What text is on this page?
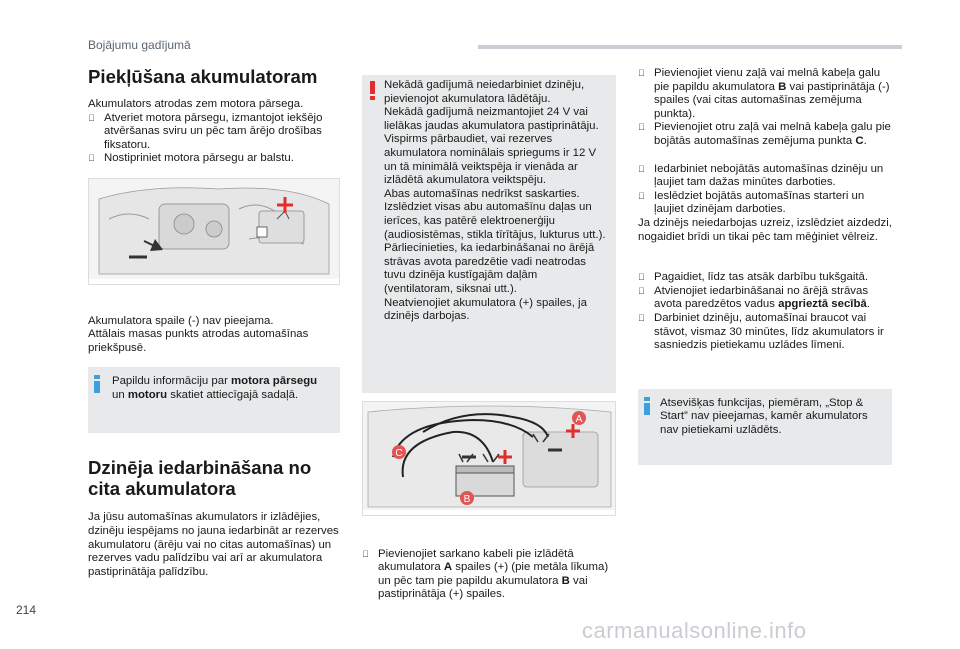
Bojājumu gadījumā
214
carmanualsonline.info
Piekļūšana akumulatoram

Akumulators atrodas zem motora pārsega.

Atveriet motora pārsegu, izmantojot iekšējo atvēršanas sviru un pēc tam ārējo drošības fiksatoru.

Nostipriniet motora pārsegu ar balstu.

Akumulatora spaile (-) nav pieejama.

Attālais masas punkts atrodas automašīnas priekšpusē.

Papildu informāciju par motora pārsegu un motoru skatiet attiecīgajā sadaļā.
Dzinēja iedarbināšana no cita akumulatora

Ja jūsu automašīnas akumulators ir izlādējies, dzinēju iespējams no jauna iedarbināt ar rezerves akumulatoru (ārēju vai no citas automašīnas) un rezerves vadu palīdzību vai arī ar akumulatora pastiprinātāja palīdzību.

Nekādā gadījumā neiedarbiniet dzinēju, pievienojot akumulatora lādētāju.

Nekādā gadījumā neizmantojiet 24 V vai lielākas jaudas akumulatora pastiprinātāju.

Vispirms pārbaudiet, vai rezerves akumulatora nominālais spriegums ir 12 V un tā minimālā veiktspēja ir vienāda ar izlādētā akumulatora veiktspēju.

Abas automašīnas nedrīkst saskarties.

Izslēdziet visas abu automašīnu daļas un ierīces, kas patērē elektroenerģiju (audiosistēmas, stikla tīrītājus, lukturus utt.).

Pārliecinieties, ka iedarbināšanai no ārējā strāvas avota paredzētie vadi neatrodas tuvu dzinēja kustīgajām daļām (ventilatoram, siksnai utt.).

Neatvienojiet akumulatora (+) spailes, ja dzinējs darbojas.

A
B
C

Pievienojiet sarkano kabeli pie izlādētā akumulatora A spailes (+) (pie metāla līkuma) un pēc tam pie papildu akumulatora B vai pastiprinātāja (+) spailes.

Pievienojiet vienu zaļā vai melnā kabeļa galu pie papildu akumulatora B vai pastiprinātāja (-) spailes (vai citas automašīnas zemējuma punkta).

Pievienojiet otru zaļā vai melnā kabeļa galu pie bojātās automašīnas zemējuma punkta C.

Iedarbiniet nebojātās automašīnas dzinēju un ļaujiet tam dažas minūtes darboties.

Ieslēdziet bojātās automašīnas starteri un ļaujiet dzinējam darboties.

Ja dzinējs neiedarbojas uzreiz, izslēdziet aizdedzi, nogaidiet brīdi un tikai pēc tam mēģiniet vēlreiz.

Pagaidiet, līdz tas atsāk darbību tukšgaitā.

Atvienojiet iedarbināšanai no ārējā strāvas avota paredzētos vadus apgrieztā secībā.

Darbiniet dzinēju, automašīnai braucot vai stāvot, vismaz 30 minūtes, līdz akumulators ir sasniedzis pietiekamu uzlādes līmeni.

Atsevišķas funkcijas, piemēram, „Stop & Start” nav pieejamas, kamēr akumulators nav pietiekami uzlādēts.
